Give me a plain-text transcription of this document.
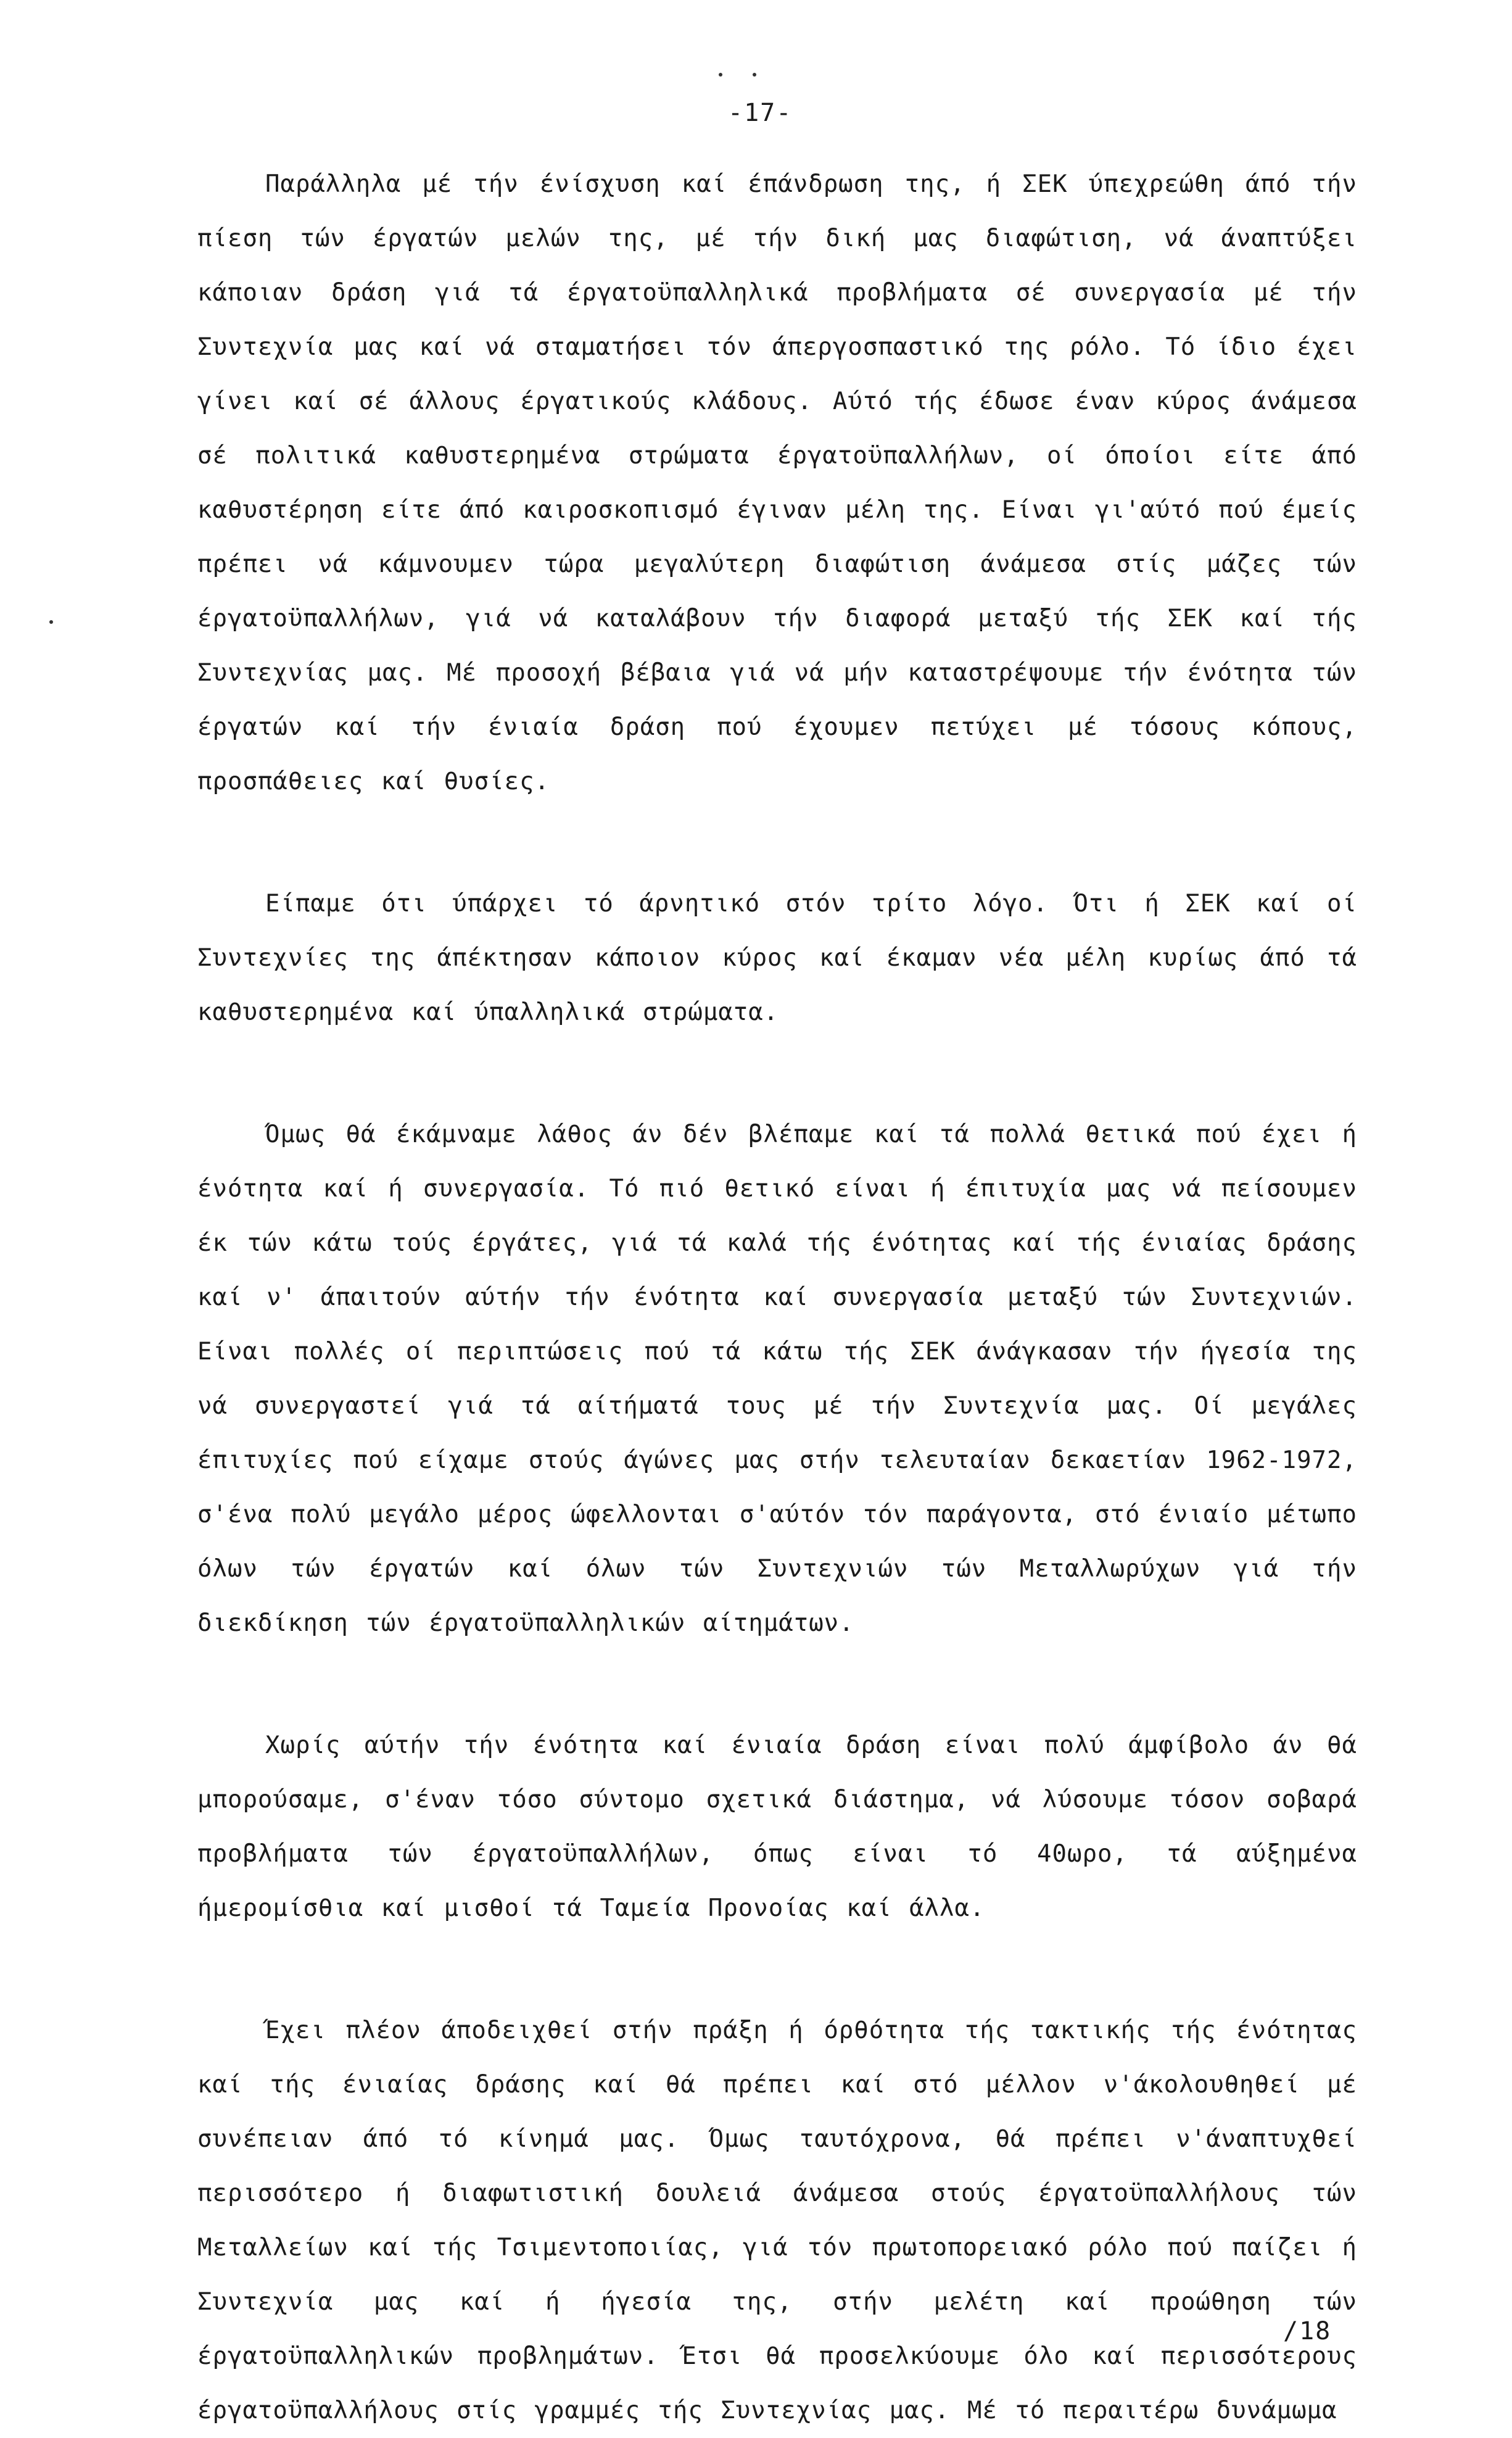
-17-

Παράλληλα μέ τήν ένίσχυση καί έπάνδρωση της, ή ΣΕΚ ύπεχρεώθη άπό τήν πίεση τών έργατών μελών της, μέ τήν δική μας διαφώτιση, νά άναπτύξει κάποιαν δράση γιά τά έργατοϋπαλληλικά προβλήματα σέ συνεργασία μέ τήν Συντεχνία μας καί νά σταματήσει τόν άπεργοσπαστικό της ρόλο. Τό ίδιο έχει γίνει καί σέ άλλους έργατικούς κλάδους. Αύτό τής έδωσε έναν κύρος άνάμεσα σέ πολιτικά καθυστερημένα στρώματα έργατοϋπαλλήλων, οί όποίοι είτε άπό καθυστέρηση είτε άπό καιροσκοπισμό έγιναν μέλη της. Είναι γι'αύτό πού έμείς πρέπει νά κάμνουμεν τώρα μεγαλύτερη διαφώτιση άνάμεσα στίς μάζες τών έργατοϋπαλλήλων, γιά νά καταλάβουν τήν διαφορά μεταξύ τής ΣΕΚ καί τής Συντεχνίας μας. Μέ προσοχή βέβαια γιά νά μήν καταστρέψουμε τήν ένότητα τών έργατών καί τήν ένιαία δράση πού έχουμεν πετύχει μέ τόσους κόπους, προσπάθειες καί θυσίες.

Είπαμε ότι ύπάρχει τό άρνητικό στόν τρίτο λόγο. Ότι ή ΣΕΚ καί οί Συντεχνίες της άπέκτησαν κάποιον κύρος καί έκαμαν νέα μέλη κυρίως άπό τά καθυστερημένα καί ύπαλληλικά στρώματα.

Όμως θά έκάμναμε λάθος άν δέν βλέπαμε καί τά πολλά θετικά πού έχει ή ένότητα καί ή συνεργασία. Τό πιό θετικό είναι ή έπιτυχία μας νά πείσουμεν έκ τών κάτω τούς έργάτες, γιά τά καλά τής ένότητας καί τής ένιαίας δράσης καί ν' άπαιτούν αύτήν τήν ένότητα καί συνεργασία μεταξύ τών Συντεχνιών. Είναι πολλές οί περιπτώσεις πού τά κάτω τής ΣΕΚ άνάγκασαν τήν ήγεσία της νά συνεργαστεί γιά τά αίτήματά τους μέ τήν Συντεχνία μας. Οί μεγάλες έπιτυχίες πού είχαμε στούς άγώνες μας στήν τελευταίαν δεκαετίαν 1962-1972, σ'ένα πολύ μεγάλο μέρος ώφελλονται σ'αύτόν τόν παράγοντα, στό ένιαίο μέτωπο όλων τών έργατών καί όλων τών Συντεχνιών τών Μεταλλωρύχων γιά τήν διεκδίκηση τών έργατοϋπαλληλικών αίτημάτων.

Χωρίς αύτήν τήν ένότητα καί ένιαία δράση είναι πολύ άμφίβολο άν θά μπορούσαμε, σ'έναν τόσο σύντομο σχετικά διάστημα, νά λύσουμε τόσον σοβαρά προβλήματα τών έργατοϋπαλλήλων, όπως είναι τό 40ωρο, τά αύξημένα ήμερομίσθια καί μισθοί τά Ταμεία Προνοίας καί άλλα.

Έχει πλέον άποδειχθεί στήν πράξη ή όρθότητα τής τακτικής τής ένότητας καί τής ένιαίας δράσης καί θά πρέπει καί στό μέλλον ν'άκολουθηθεί μέ συνέπειαν άπό τό κίνημά μας. Όμως ταυτόχρονα, θά πρέπει ν'άναπτυχθεί περισσότερο ή διαφωτιστική δουλειά άνάμεσα στούς έργατοϋπαλλήλους τών Μεταλλείων καί τής Τσιμεντοποιίας, γιά τόν πρωτοπορειακό ρόλο πού παίζει ή Συντεχνία μας καί ή ήγεσία της, στήν μελέτη καί προώθηση τών έργατοϋπαλληλικών προβλημάτων. Έτσι θά προσελκύουμε όλο καί περισσότερους έργατοϋπαλλήλους στίς γραμμές τής Συντεχνίας μας. Μέ τό περαιτέρω δυνάμωμα

/18
